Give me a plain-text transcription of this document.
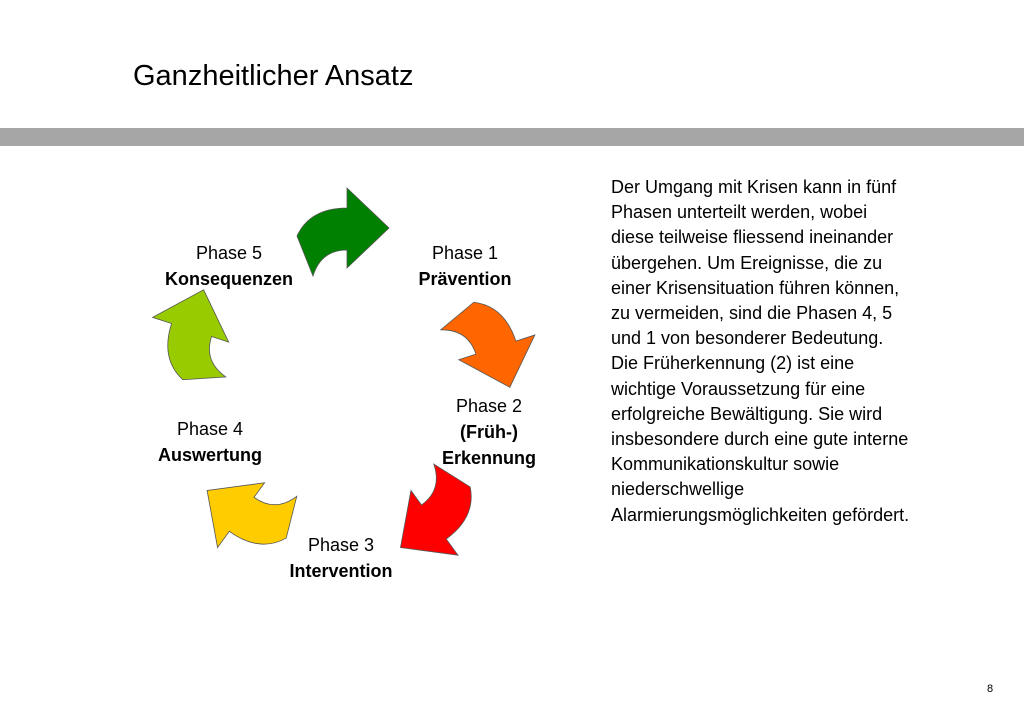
Ganzheitlicher Ansatz
Phase 1
Prävention
Phase 2
(Früh-)
Erkennung
Phase 3
Intervention
Phase 4
Auswertung
Phase 5
Konsequenzen

Der Umgang mit Krisen kann in fünf Phasen unterteilt werden, wobei diese teilweise fliessend ineinander übergehen. Um Ereignisse, die zu einer Krisensituation führen können, zu vermeiden, sind die Phasen 4, 5 und 1 von besonderer Bedeutung.

Die Früherkennung (2) ist eine wichtige Voraussetzung für eine erfolgreiche Bewältigung. Sie wird insbesondere durch eine gute interne Kommunikationskultur sowie niederschwellige Alarmierungsmöglichkeiten gefördert.

8
